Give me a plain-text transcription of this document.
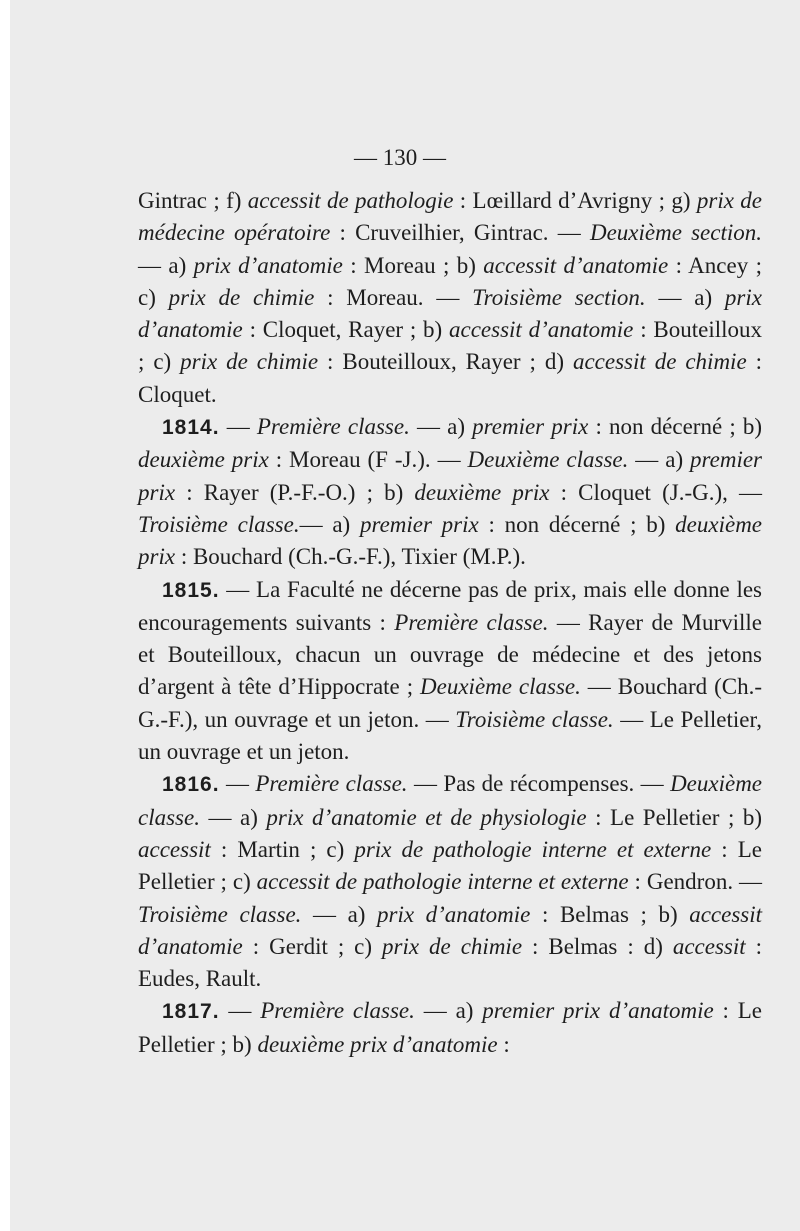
— 130 —

Gintrac ; f) accessit de pathologie : Lœillard d’Avrigny ; g) prix de médecine opératoire : Cruveilhier, Gintrac. — Deuxième section. — a) prix d’anatomie : Moreau ; b) accessit d’anatomie : Ancey ; c) prix de chimie : Moreau. — Troisième section. — a) prix d’anatomie : Cloquet, Rayer ; b) accessit d’anatomie : Bouteilloux ; c) prix de chimie : Bouteilloux, Rayer ; d) accessit de chimie : Cloquet.

1814. — Première classe. — a) premier prix : non décerné ; b) deuxième prix : Moreau (F -J.). — Deuxième classe. — a) premier prix : Rayer (P.-F.-O.) ; b) deuxième prix : Cloquet (J.-G.), — Troisième classe.— a) premier prix : non décerné ; b) deuxième prix : Bouchard (Ch.-G.-F.), Tixier (M.P.).

1815. — La Faculté ne décerne pas de prix, mais elle donne les encouragements suivants : Première classe. — Rayer de Murville et Bouteilloux, chacun un ouvrage de médecine et des jetons d’argent à tête d’Hippocrate ; Deuxième classe. — Bouchard (Ch.-G.-F.), un ouvrage et un jeton. — Troisième classe. — Le Pelletier, un ouvrage et un jeton.

1816. — Première classe. — Pas de récompenses. — Deuxième classe. — a) prix d’anatomie et de physiologie : Le Pelletier ; b) accessit : Martin ; c) prix de pathologie interne et externe : Le Pelletier ; c) accessit de pathologie interne et externe : Gendron. — Troisième classe. — a) prix d’anatomie : Belmas ; b) accessit d’anatomie : Gerdit ; c) prix de chimie : Belmas : d) accessit : Eudes, Rault.

1817. — Première classe. — a) premier prix d’anatomie : Le Pelletier ; b) deuxième prix d’anatomie :
